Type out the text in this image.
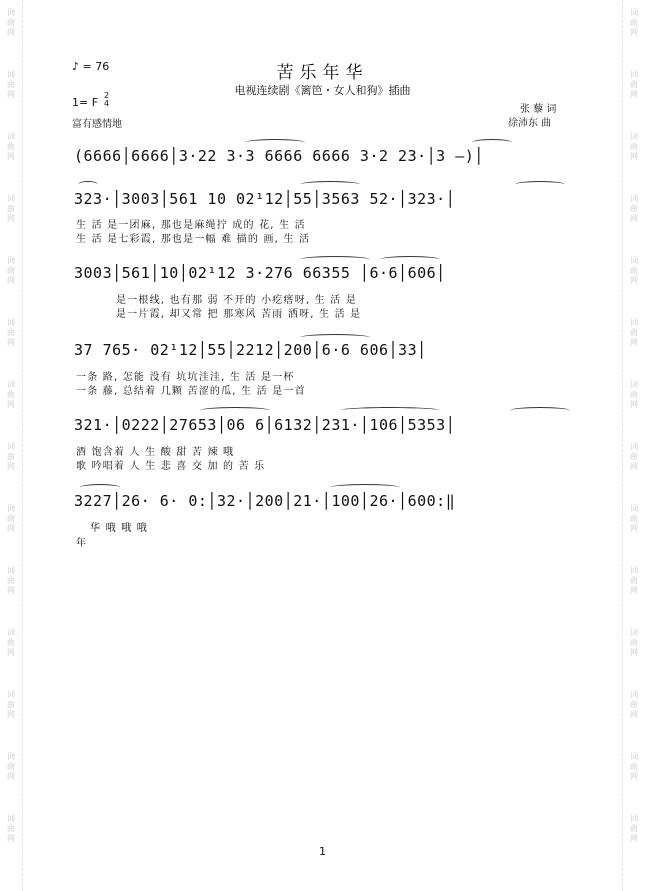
词
曲
网
词
曲
网
词
曲
网
词
曲
网
词
曲
网
词
曲
网
词
曲
网
词
曲
网
词
曲
网
词
曲
网
词
曲
网
词
曲
网
词
曲
网
词
曲
网
词
曲
网
词
曲
网
词
曲
网
词
曲
网
词
曲
网
词
曲
网
词
曲
网
词
曲
网
词
曲
网
词
曲
网
词
曲
网
词
曲
网
词
曲
网
词
曲
网
♪ = 76	苦乐年华
电视连续剧《篱笆・女人和狗》插曲
1= F
2
4
富有感情地
张 藜 词
徐沛东 曲
(6666│6666│3·22 3·3 6666 6666 3·2 23·│3 –)│
323·│3003│561 10 02¹12│55│3563 52·│323·│
生 活 是一团麻, 那也是麻绳拧 成的 花, 生 活
生 活 是七彩霞, 那也是一幅 难 描的 画, 生 活
3003│561│10│02¹12 3·276 66355 │6·6│606│
是一根线, 也有那 弱 不开的 小疙瘩呀, 生 活 是
是一片霞, 却又常 把 那寒风 苦雨 洒呀, 生 活 是
37 765· 02¹12│55│2212│200│6·6 606│33│
一条 路, 怎能 没有 坑坑洼洼, 生 活 是一杯
一条 藤, 总结着 几颗 苦涩的瓜, 生 活 是一首
321·│0222│27653│06 6│6132│231·│106│5353│
酒 饱含着 人 生 酸 甜 苦 辣 哦
歌 吟唱着 人 生 悲 喜 交 加 的 苦 乐
3227│26· 6· 0:│32·│200│21·│100│26·│600:‖
华 哦 哦 哦
年
1
